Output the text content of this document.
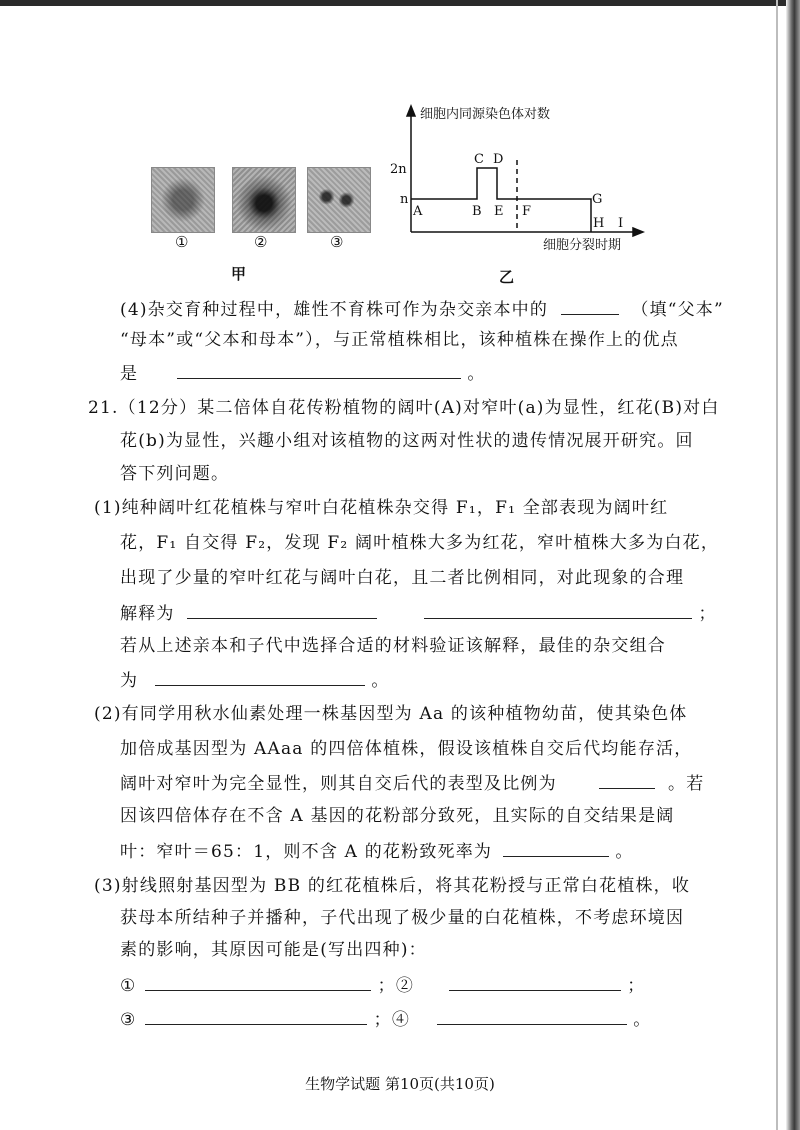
①	②	③
甲
细胞内同源染色体对数
2n
n
C D
A	B E F
G
H I
细胞分裂时期
乙
(4)杂交育种过程中，雄性不育株可作为杂交亲本中的	（填“父本”
“母本”或“父本和母本”），与正常植株相比，该种植株在操作上的优点
是	。
21.（12分）某二倍体自花传粉植物的阔叶(A)对窄叶(a)为显性，红花(B)对白
花(b)为显性，兴趣小组对该植物的这两对性状的遗传情况展开研究。回
答下列问题。
(1)纯种阔叶红花植株与窄叶白花植株杂交得 F₁，F₁ 全部表现为阔叶红
花，F₁ 自交得 F₂，发现 F₂ 阔叶植株大多为红花，窄叶植株大多为白花，
出现了少量的窄叶红花与阔叶白花，且二者比例相同，对此现象的合理
解释为	；
若从上述亲本和子代中选择合适的材料验证该解释，最佳的杂交组合
为	。
(2)有同学用秋水仙素处理一株基因型为 Aa 的该种植物幼苗，使其染色体
加倍成基因型为 AAaa 的四倍体植株，假设该植株自交后代均能存活，
阔叶对窄叶为完全显性，则其自交后代的表型及比例为	。若
因该四倍体存在不含 A 基因的花粉部分致死，且实际的自交结果是阔
叶：窄叶＝65：1，则不含 A 的花粉致死率为	。
(3)射线照射基因型为 BB 的红花植株后，将其花粉授与正常白花植株，收
获母本所结种子并播种，子代出现了极少量的白花植株，不考虑环境因
素的影响，其原因可能是(写出四种)：
①	；②	；
③	；④	。
生物学试题 第10页(共10页)
